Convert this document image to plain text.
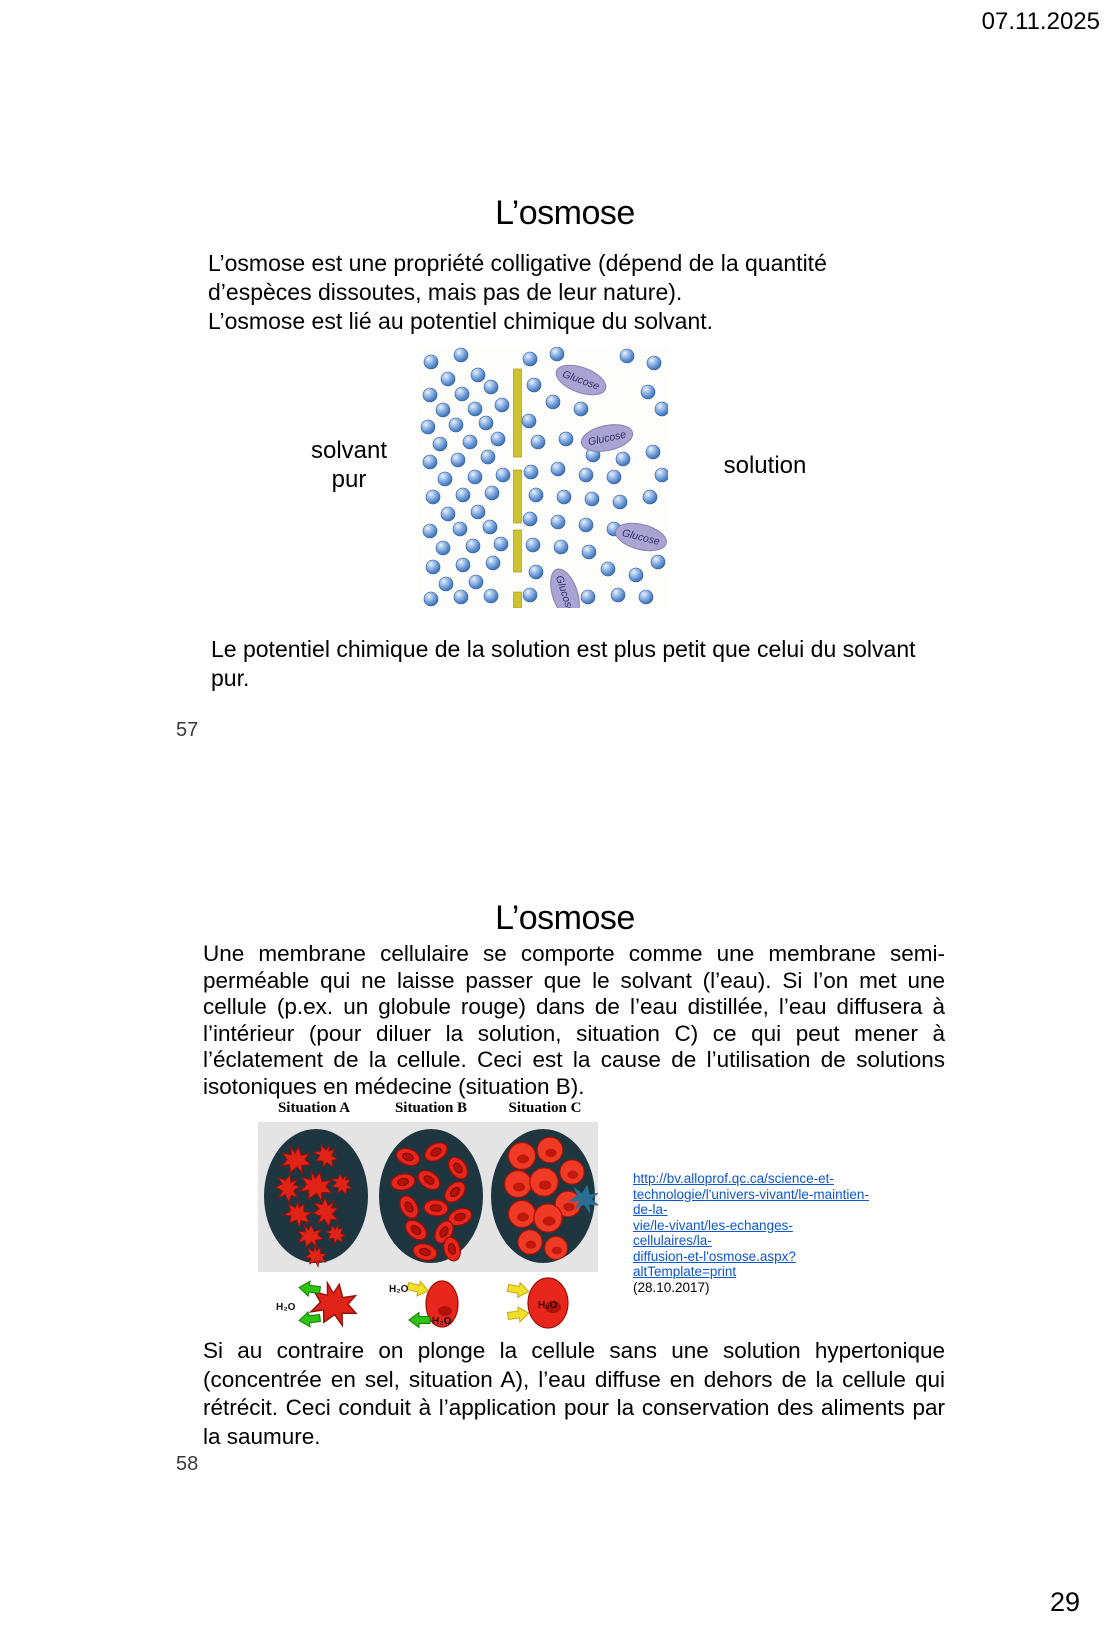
07.11.2025
L’osmose
L’osmose est une propriété colligative (dépend de la quantité d’espèces dissoutes, mais pas de leur nature).
L’osmose est lié au potentiel chimique du solvant.
Glucose
Glucose
Glucose
Glucose
solvant
pur
solution
Le potentiel chimique de la solution est plus petit que celui du solvant pur.
57
L’osmose
Une membrane cellulaire se comporte comme une membrane semi-perméable qui ne laisse passer que le solvant (l’eau). Si l’on met une cellule (p.ex. un globule rouge) dans de l’eau distillée, l’eau diffusera à l’intérieur (pour diluer la solution, situation C) ce qui peut mener à l’éclatement de la cellule. Ceci est la cause de l’utilisation de solutions isotoniques en médecine (situation B).
Situation A	Situation B	Situation C
H₂O
H₂O
H₂O
H₂O
http://bv.alloprof.qc.ca/science-et-
technologie/l'univers-vivant/le-maintien-de-la-
vie/le-vivant/les-echanges-cellulaires/la-
diffusion-et-l'osmose.aspx?altTemplate=print
(28.10.2017)
Si au contraire on plonge la cellule sans une solution hypertonique (concentrée en sel, situation A), l’eau diffuse en dehors de la cellule qui rétrécit. Ceci conduit à l’application pour la conservation des aliments par la saumure.
58
29
